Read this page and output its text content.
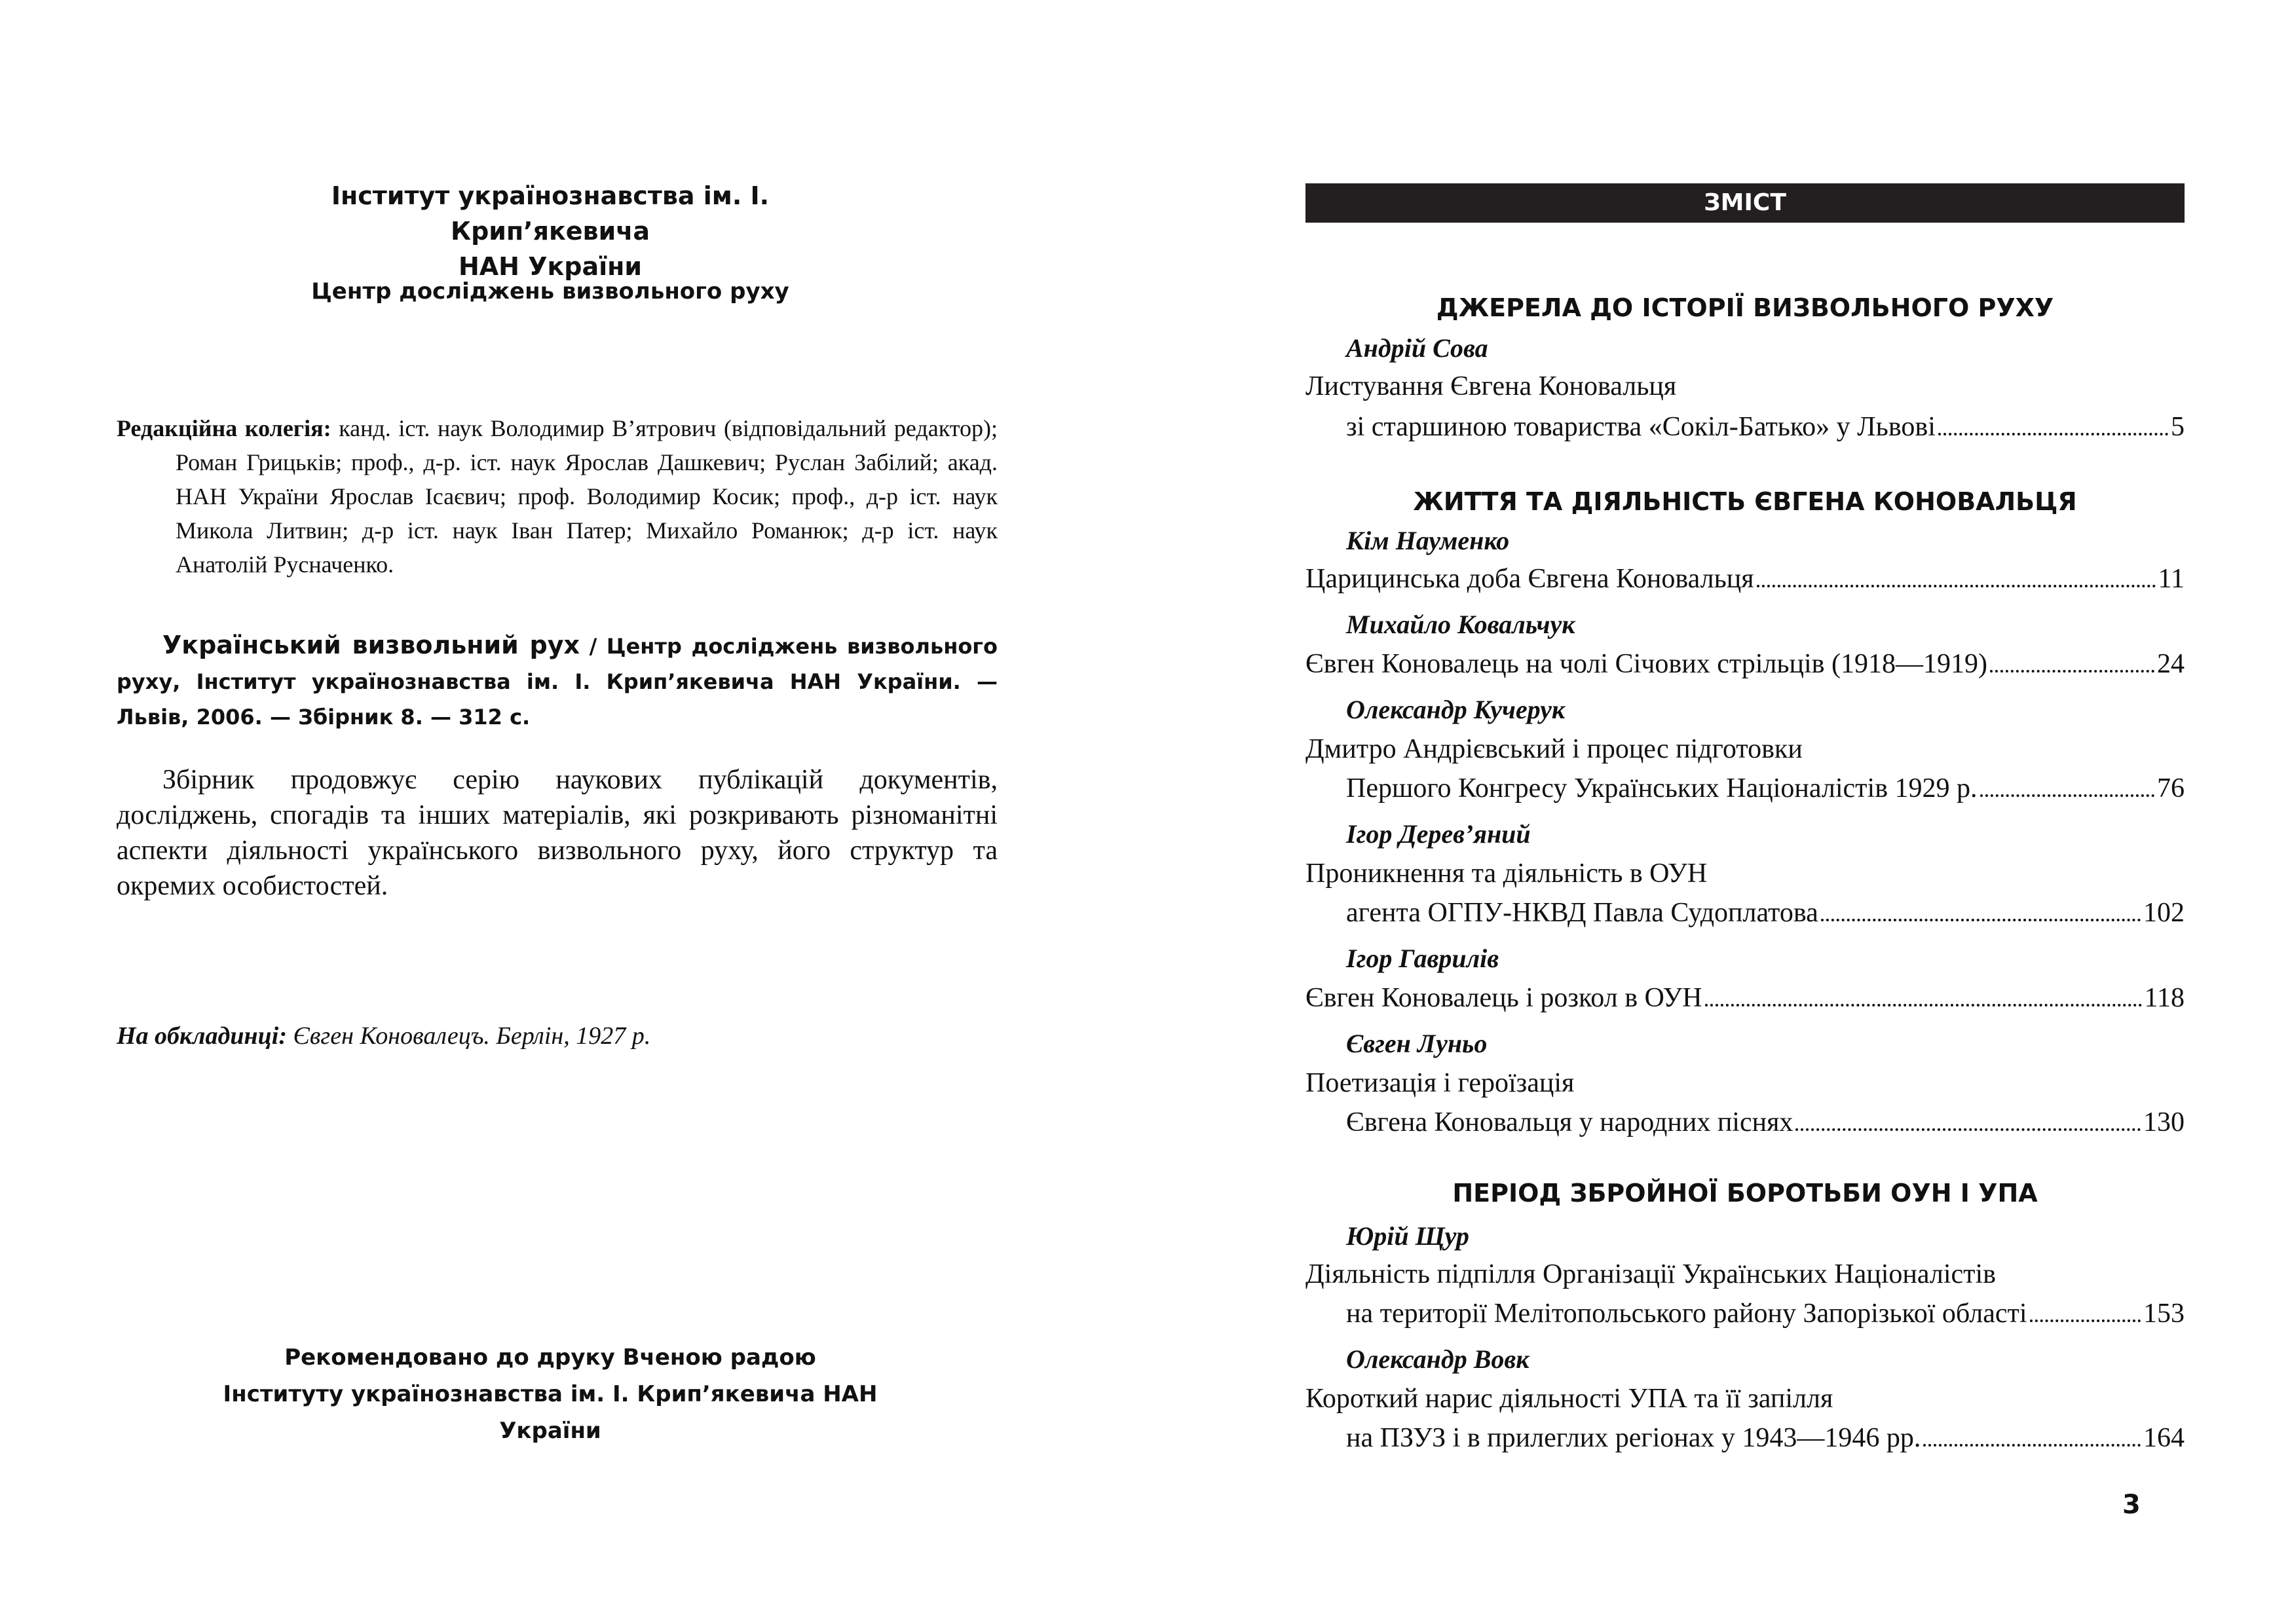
Інститут українознавства ім. І. Крип’якевича
НАН України
Центр досліджень визвольного руху
Редакційна колегія: канд. іст. наук Володимир В’ятрович (відповідальний редактор); Роман Грицьків; проф., д-р. іст. наук Ярослав Дашкевич; Руслан Забілий; акад. НАН України Ярослав Ісаєвич; проф. Володимир Косик; проф., д-р іст. наук Микола Литвин; д-р іст. наук Іван Патер; Михайло Романюк; д-р іст. наук Анатолій Русначенко.
Український визвольний рух / Центр досліджень визвольного руху, Інститут українознавства ім. І. Крип’якевича НАН України. — Львів, 2006. — Збірник 8. — 312 с.
Збірник продовжує серію наукових публікацій документів, досліджень, спогадів та інших матеріалів, які розкривають різноманітні аспекти діяльності українського визвольного руху, його структур та окремих особистостей.
На обкладинці: Євген Коновалецъ. Берлін, 1927 р.
Рекомендовано до друку Вченою радою
Інституту українознавства ім. І. Крип’якевича НАН України
ЗМІСТ
ДЖЕРЕЛА ДО ІСТОРІЇ ВИЗВОЛЬНОГО РУХУ
Андрій Сова
Листування Євгена Коновальця
зі старшиною товариства «Сокіл-Батько» у Львові	5
ЖИТТЯ ТА ДІЯЛЬНІСТЬ ЄВГЕНА КОНОВАЛЬЦЯ
Кім Науменко
Царицинська доба Євгена Коновальця	11
Михайло Ковальчук
Євген Коновалець на чолі Січових стрільців (1918—1919)	24
Олександр Кучерук
Дмитро Андрієвський і процес підготовки
Першого Конгресу Українських Націоналістів 1929 р.	76
Ігор Дерев’яний
Проникнення та діяльність в ОУН
агента ОГПУ-НКВД Павла Судоплатова	102
Ігор Гаврилів
Євген Коновалець і розкол в ОУН	118
Євген Луньо
Поетизація і героїзація
Євгена Коновальця у народних піснях	130
ПЕРІОД ЗБРОЙНОЇ БОРОТЬБИ ОУН І УПА
Юрій Щур
Діяльність підпілля Організації Українських Націоналістів
на території Мелітопольського району Запорізької області	153
Олександр Вовк
Короткий нарис діяльності УПА та її запілля
на ПЗУЗ і в прилеглих регіонах у 1943—1946 рр.	164
3
